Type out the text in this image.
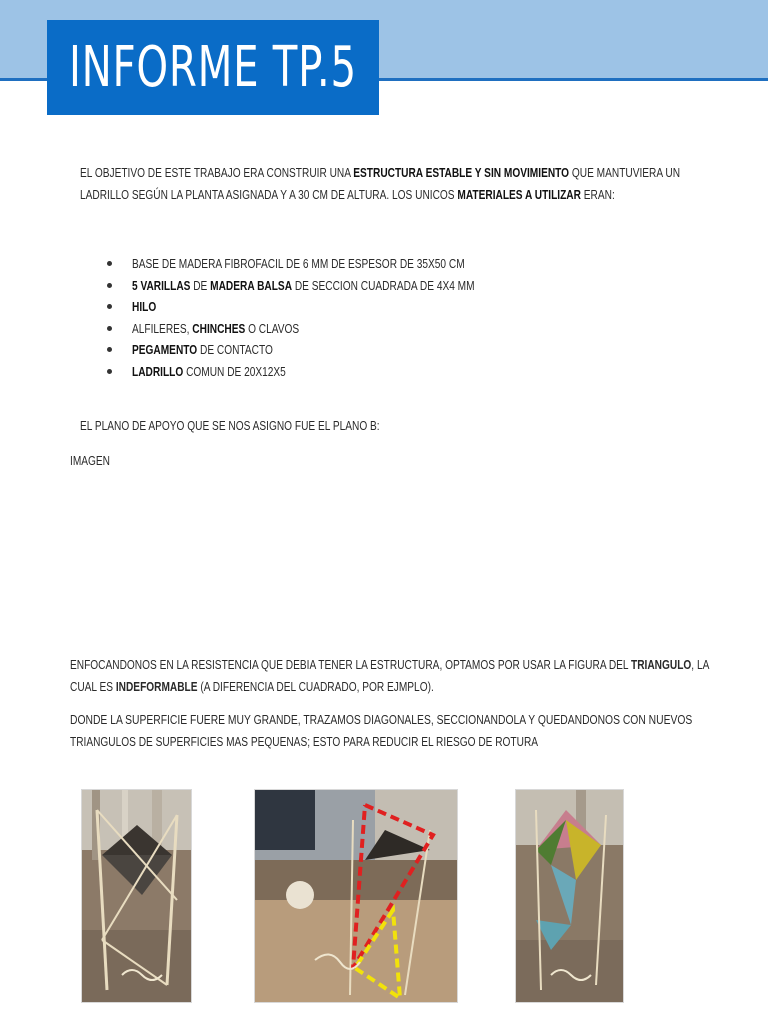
INFORME TP.5
EL OBJETIVO DE ESTE TRABAJO ERA CONSTRUIR UNA ESTRUCTURA ESTABLE Y SIN MOVIMIENTO QUE MANTUVIERA UN
LADRILLO SEGÚN LA PLANTA ASIGNADA Y A 30 CM DE ALTURA. LOS UNICOS MATERIALES A UTILIZAR ERAN:
BASE DE MADERA FIBROFACIL DE 6 MM DE ESPESOR DE 35X50 CM
5 VARILLAS DE MADERA BALSA DE SECCION CUADRADA DE 4X4 MM
HILO
ALFILERES, CHINCHES O CLAVOS
PEGAMENTO DE CONTACTO
LADRILLO COMUN DE 20X12X5
EL PLANO DE APOYO QUE SE NOS ASIGNO FUE EL PLANO B:
IMAGEN
ENFOCANDONOS EN LA RESISTENCIA QUE DEBIA TENER LA ESTRUCTURA, OPTAMOS POR USAR LA FIGURA DEL TRIANGULO, LA
CUAL ES INDEFORMABLE (A DIFERENCIA DEL CUADRADO, POR EJMPLO).
DONDE LA SUPERFICIE FUERE MUY GRANDE, TRAZAMOS DIAGONALES, SECCIONANDOLA Y QUEDANDONOS CON NUEVOS
TRIANGULOS DE SUPERFICIES MAS PEQUENAS; ESTO PARA REDUCIR EL RIESGO DE ROTURA
